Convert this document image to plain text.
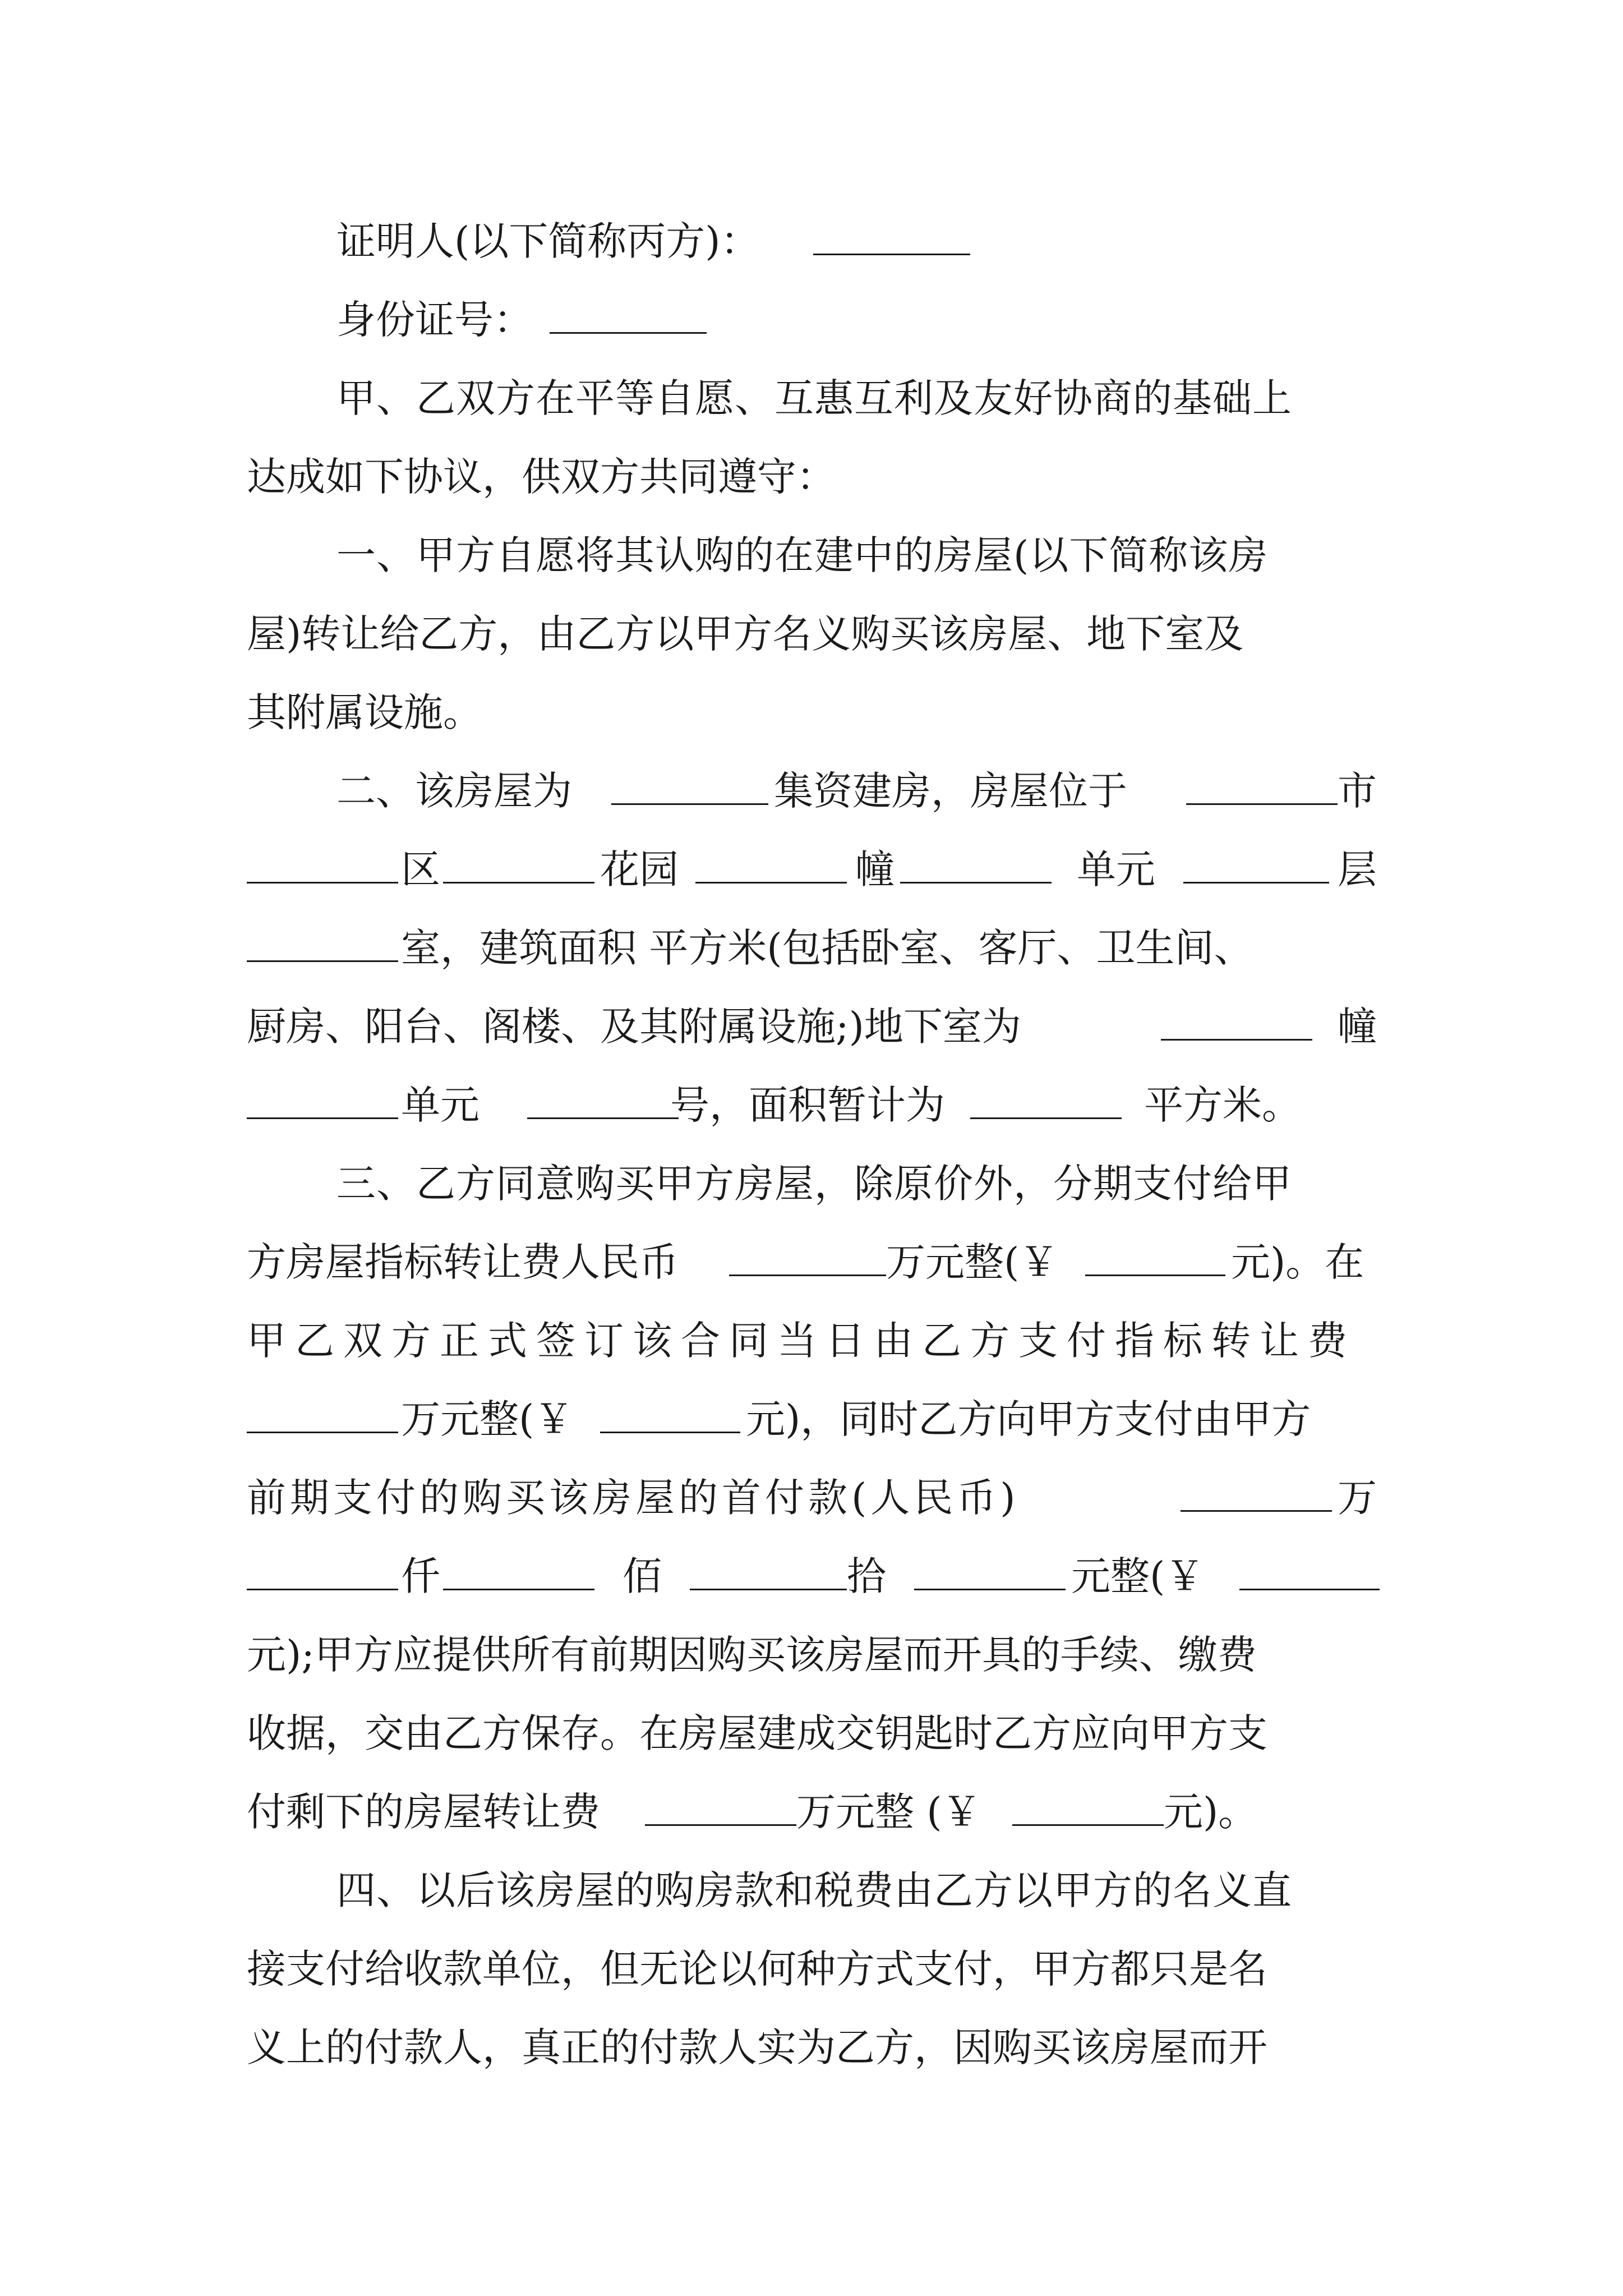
证明人(以下简称丙方)：
身份证号：
甲、乙双方在平等自愿、互惠互利及友好协商的基础上
达成如下协议，供双方共同遵守：
一、甲方自愿将其认购的在建中的房屋(以下简称该房
屋)转让给乙方，由乙方以甲方名义购买该房屋、地下室及
其附属设施。
二、该房屋为	集资建房，房屋位于	市
区	花园	幢	单元	层
室，建筑面积 平方米(包括卧室、客厅、卫生间、
厨房、阳台、阁楼、及其附属设施;)地下室为	幢
单元	号，面积暂计为	平方米。
三、乙方同意购买甲方房屋，除原价外，分期支付给甲
方房屋指标转让费人民币	万元整(￥	元)。在
甲乙双方正式签订该合同当日由乙方支付指标转让费
万元整(￥	元)，同时乙方向甲方支付由甲方
前期支付的购买该房屋的首付款(人民币)	万
仟	佰	拾	元整(￥
元);甲方应提供所有前期因购买该房屋而开具的手续、缴费
收据，交由乙方保存。在房屋建成交钥匙时乙方应向甲方支
付剩下的房屋转让费	万元整 (￥	元)。
四、以后该房屋的购房款和税费由乙方以甲方的名义直
接支付给收款单位，但无论以何种方式支付，甲方都只是名
义上的付款人，真正的付款人实为乙方，因购买该房屋而开
